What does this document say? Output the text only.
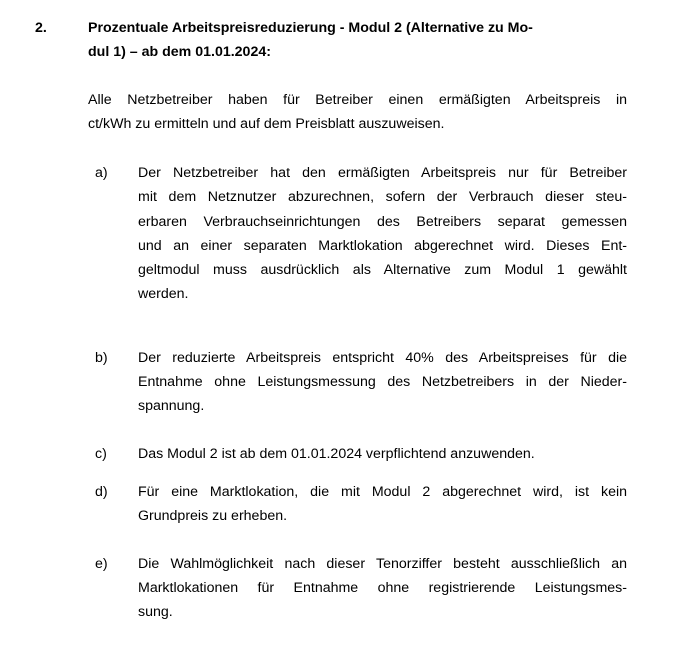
2.	Prozentuale Arbeitspreisreduzierung - Modul 2 (Alternative zu Mo-
dul 1) – ab dem 01.01.2024:
Alle Netzbetreiber haben für Betreiber einen ermäßigten Arbeitspreis in
ct/kWh zu ermitteln und auf dem Preisblatt auszuweisen.
a)	Der Netzbetreiber hat den ermäßigten Arbeitspreis nur für Betreiber
mit dem Netznutzer abzurechnen, sofern der Verbrauch dieser steu-
erbaren Verbrauchseinrichtungen des Betreibers separat gemessen
und an einer separaten Marktlokation abgerechnet wird. Dieses Ent-
geltmodul muss ausdrücklich als Alternative zum Modul 1 gewählt
werden.
b)	Der reduzierte Arbeitspreis entspricht 40% des Arbeitspreises für die
Entnahme ohne Leistungsmessung des Netzbetreibers in der Nieder-
spannung.
c)	Das Modul 2 ist ab dem 01.01.2024 verpflichtend anzuwenden.
d)	Für eine Marktlokation, die mit Modul 2 abgerechnet wird, ist kein
Grundpreis zu erheben.
e)	Die Wahlmöglichkeit nach dieser Tenorziffer besteht ausschließlich an
Marktlokationen für Entnahme ohne registrierende Leistungsmes-
sung.
